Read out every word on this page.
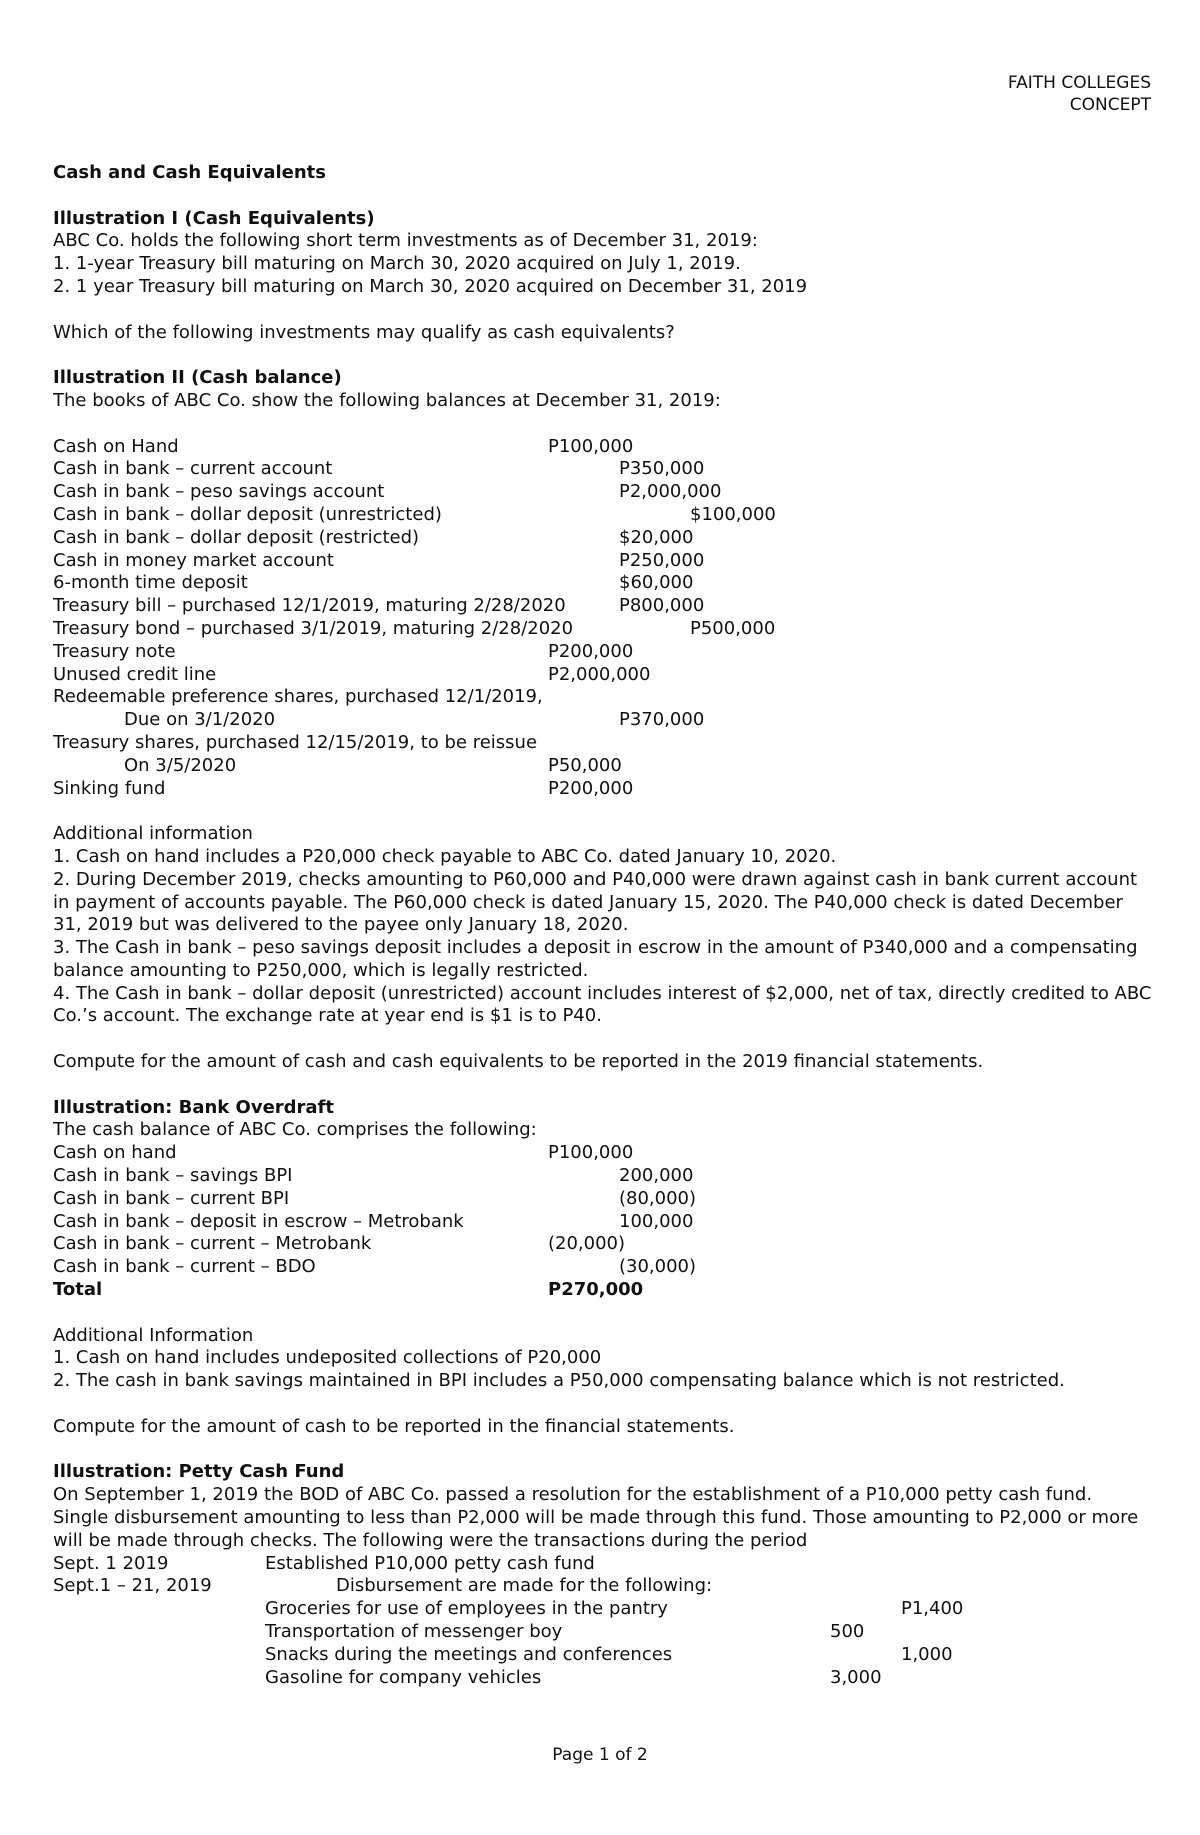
FAITH COLLEGES
CONCEPT
Cash and Cash Equivalents
Illustration I (Cash Equivalents)
ABC Co. holds the following short term investments as of December 31, 2019:
1. 1-year Treasury bill maturing on March 30, 2020 acquired on July 1, 2019.
2. 1 year Treasury bill maturing on March 30, 2020 acquired on December 31, 2019
Which of the following investments may qualify as cash equivalents?
Illustration II (Cash balance)
The books of ABC Co. show the following balances at December 31, 2019:
Cash on Hand	P100,000
Cash in bank – current account	P350,000
Cash in bank – peso savings account	P2,000,000
Cash in bank – dollar deposit (unrestricted)	$100,000
Cash in bank – dollar deposit (restricted)	$20,000
Cash in money market account	P250,000
6-month time deposit	$60,000
Treasury bill – purchased 12/1/2019, maturing 2/28/2020	P800,000
Treasury bond – purchased 3/1/2019, maturing 2/28/2020	P500,000
Treasury note	P200,000
Unused credit line	P2,000,000
Redeemable preference shares, purchased 12/1/2019,
Due on 3/1/2020	P370,000
Treasury shares, purchased 12/15/2019, to be reissue
On 3/5/2020	P50,000
Sinking fund	P200,000
Additional information
1. Cash on hand includes a P20,000 check payable to ABC Co. dated January 10, 2020.
2. During December 2019, checks amounting to P60,000 and P40,000 were drawn against cash in bank current account in payment of accounts payable. The P60,000 check is dated January 15, 2020. The P40,000 check is dated December 31, 2019 but was delivered to the payee only January 18, 2020.
3. The Cash in bank – peso savings deposit includes a deposit in escrow in the amount of P340,000 and a compensating balance amounting to P250,000, which is legally restricted.
4. The Cash in bank – dollar deposit (unrestricted) account includes interest of $2,000, net of tax, directly credited to ABC Co.’s account. The exchange rate at year end is $1 is to P40.
Compute for the amount of cash and cash equivalents to be reported in the 2019 financial statements.
Illustration: Bank Overdraft
The cash balance of ABC Co. comprises the following:
Cash on hand	P100,000
Cash in bank – savings BPI	200,000
Cash in bank – current BPI	(80,000)
Cash in bank – deposit in escrow – Metrobank	100,000
Cash in bank – current – Metrobank	(20,000)
Cash in bank – current – BDO	(30,000)
Total	P270,000
Additional Information
1. Cash on hand includes undeposited collections of P20,000
2. The cash in bank savings maintained in BPI includes a P50,000 compensating balance which is not restricted.
Compute for the amount of cash to be reported in the financial statements.
Illustration: Petty Cash Fund
On September 1, 2019 the BOD of ABC Co. passed a resolution for the establishment of a P10,000 petty cash fund. Single disbursement amounting to less than P2,000 will be made through this fund. Those amounting to P2,000 or more will be made through checks. The following were the transactions during the period
Sept. 1 2019	Established P10,000 petty cash fund
Sept.1 – 21, 2019	Disbursement are made for the following:
Groceries for use of employees in the pantry	P1,400
Transportation of messenger boy	500
Snacks during the meetings and conferences	1,000
Gasoline for company vehicles	3,000
Page 1 of 2
